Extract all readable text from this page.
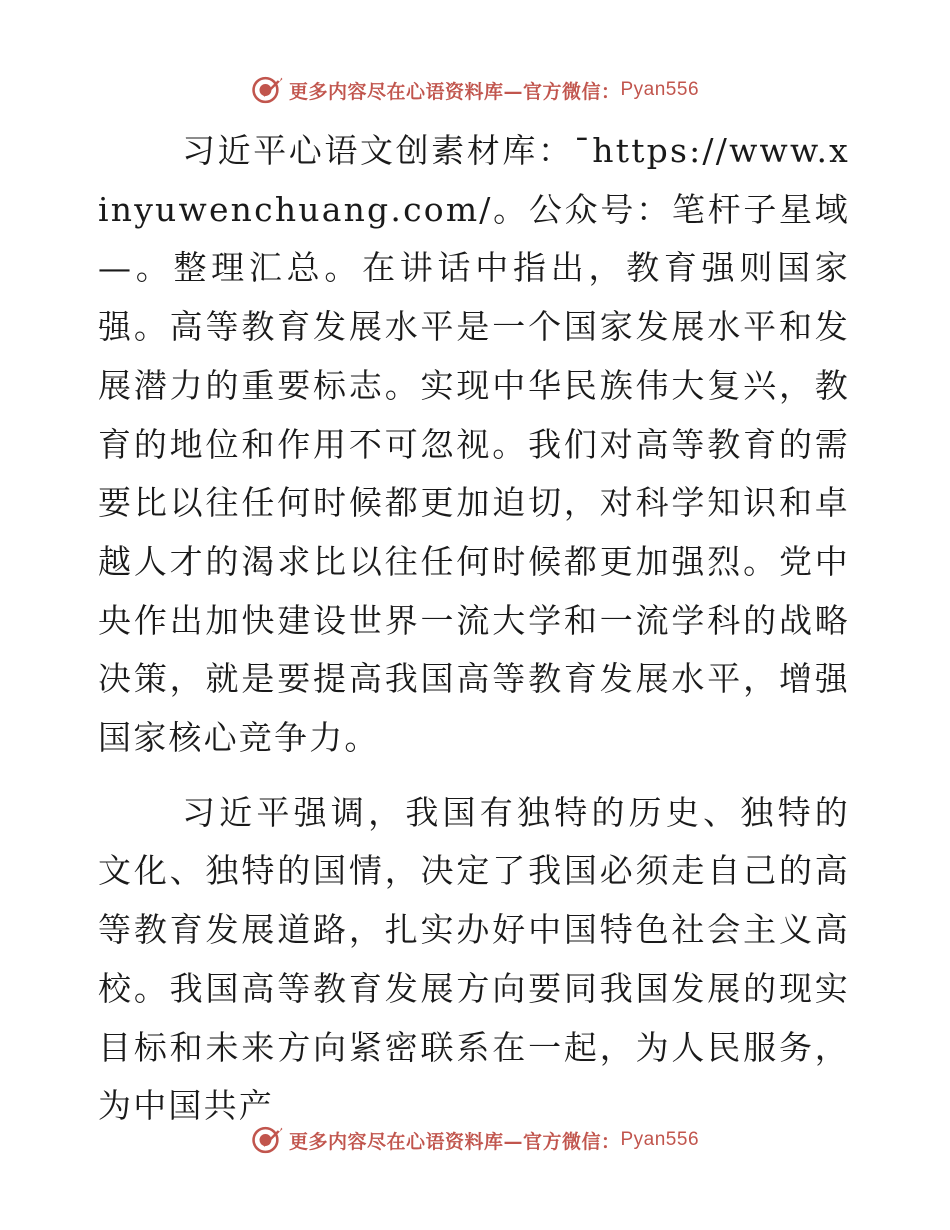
更多内容尽在心语资料库—官方微信： Pyan556

习近平心语文创素材库：¯https://www.xinyuwenchuang.com/。公众号：笔杆子星域—。整理汇总。在讲话中指出，教育强则国家强。高等教育发展水平是一个国家发展水平和发展潜力的重要标志。实现中华民族伟大复兴，教育的地位和作用不可忽视。我们对高等教育的需要比以往任何时候都更加迫切，对科学知识和卓越人才的渴求比以往任何时候都更加强烈。党中央作出加快建设世界一流大学和一流学科的战略决策，就是要提高我国高等教育发展水平，增强国家核心竞争力。

习近平强调，我国有独特的历史、独特的文化、独特的国情，决定了我国必须走自己的高等教育发展道路，扎实办好中国特色社会主义高校。我国高等教育发展方向要同我国发展的现实目标和未来方向紧密联系在一起，为人民服务，为中国共产

更多内容尽在心语资料库—官方微信： Pyan556
